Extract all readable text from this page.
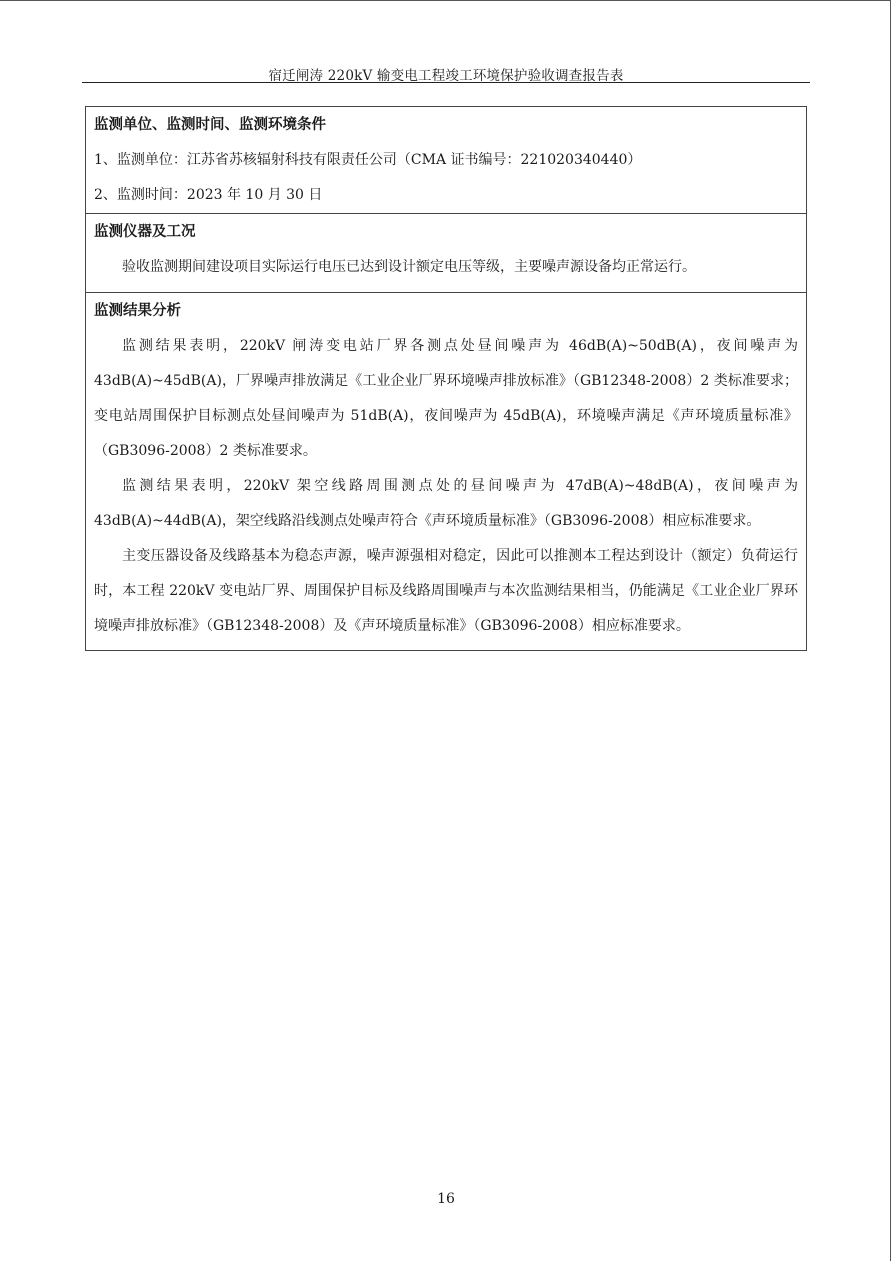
宿迁闸涛 220kV 输变电工程竣工环境保护验收调查报告表
监测单位、监测时间、监测环境条件
1、监测单位：江苏省苏核辐射科技有限责任公司（CMA 证书编号：221020340440）
2、监测时间：2023 年 10 月 30 日
监测仪器及工况

验收监测期间建设项目实际运行电压已达到设计额定电压等级，主要噪声源设备均正常运行。

监测结果分析

监测结果表明，220kV 闸涛变电站厂界各测点处昼间噪声为 46dB(A)~50dB(A)，夜间噪声为 43dB(A)~45dB(A)，厂界噪声排放满足《工业企业厂界环境噪声排放标准》（GB12348-2008）2 类标准要求；变电站周围保护目标测点处昼间噪声为 51dB(A)，夜间噪声为 45dB(A)，环境噪声满足《声环境质量标准》（GB3096-2008）2 类标准要求。

监测结果表明，220kV 架空线路周围测点处的昼间噪声为 47dB(A)~48dB(A)，夜间噪声为 43dB(A)~44dB(A)，架空线路沿线测点处噪声符合《声环境质量标准》（GB3096-2008）相应标准要求。

主变压器设备及线路基本为稳态声源，噪声源强相对稳定，因此可以推测本工程达到设计（额定）负荷运行时，本工程 220kV 变电站厂界、周围保护目标及线路周围噪声与本次监测结果相当，仍能满足《工业企业厂界环境噪声排放标准》（GB12348-2008）及《声环境质量标准》（GB3096-2008）相应标准要求。

16
